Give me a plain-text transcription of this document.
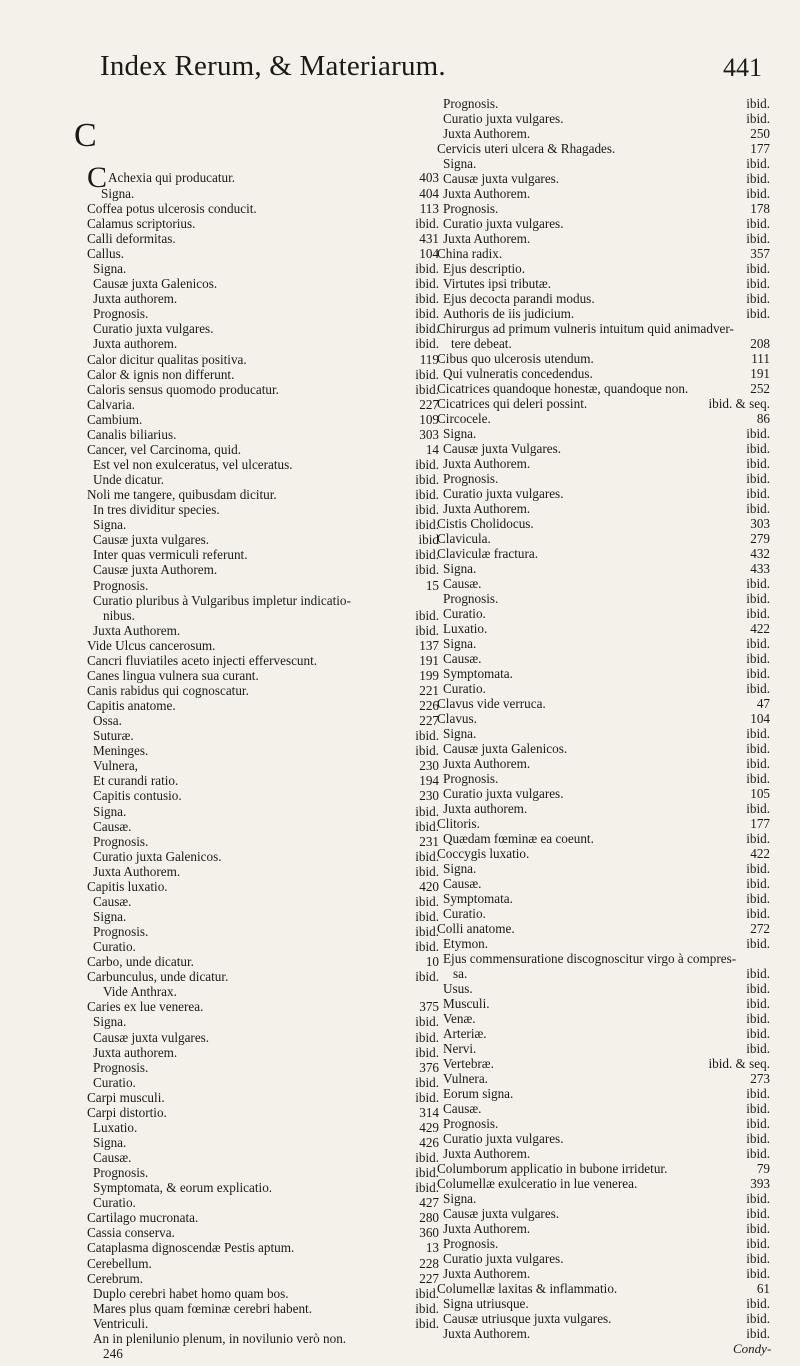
Index Rerum, & Materiarum.	441
C
CAchexia qui producatur.	403
Signa.	404
Coffea potus ulcerosis conducit.	113
Calamus scriptorius.	ibid.
Calli deformitas.	431
Callus.	104
Signa.	ibid.
Causæ juxta Galenicos.	ibid.
Juxta authorem.	ibid.
Prognosis.	ibid.
Curatio juxta vulgares.	ibid.
Juxta authorem.	ibid.
Calor dicitur qualitas positiva.	119
Calor & ignis non differunt.	ibid.
Caloris sensus quomodo producatur.	ibid.
Calvaria.	227
Cambium.	109
Canalis biliarius.	303
Cancer, vel Carcinoma, quid.	14
Est vel non exulceratus, vel ulceratus.	ibid.
Unde dicatur.	ibid.
Noli me tangere, quibusdam dicitur.	ibid.
In tres dividitur species.	ibid.
Signa.	ibid.
Causæ juxta vulgares.	ibid
Inter quas vermiculi referunt.	ibid.
Causæ juxta Authorem.	ibid.
Prognosis.	15
Curatio pluribus à Vulgaribus impletur indicatio-
nibus.	ibid.
Juxta Authorem.	ibid.
Vide Ulcus cancerosum.	137
Cancri fluviatiles aceto injecti effervescunt.	191
Canes lingua vulnera sua curant.	199
Canis rabidus qui cognoscatur.	221
Capitis anatome.	226
Ossa.	227
Suturæ.	ibid.
Meninges.	ibid.
Vulnera,	230
Et curandi ratio.	194
Capitis contusio.	230
Signa.	ibid.
Causæ.	ibid.
Prognosis.	231
Curatio juxta Galenicos.	ibid.
Juxta Authorem.	ibid.
Capitis luxatio.	420
Causæ.	ibid.
Signa.	ibid.
Prognosis.	ibid.
Curatio.	ibid.
Carbo, unde dicatur.	10
Carbunculus, unde dicatur.	ibid.
Vide Anthrax.
Caries ex lue venerea.	375
Signa.	ibid.
Causæ juxta vulgares.	ibid.
Juxta authorem.	ibid.
Prognosis.	376
Curatio.	ibid.
Carpi musculi.	ibid.
Carpi distortio.	314
Luxatio.	429
Signa.	426
Causæ.	ibid.
Prognosis.	ibid.
Symptomata, & eorum explicatio.	ibid.
Curatio.	427
Cartilago mucronata.	280
Cassia conserva.	360
Cataplasma dignoscendæ Pestis aptum.	13
Cerebellum.	228
Cerebrum.	227
Duplo cerebri habet homo quam bos.	ibid.
Mares plus quam fœminæ cerebri habent.	ibid.
Ventriculi.	ibid.
An in plenilunio plenum, in novilunio verò non.
246
Prognosis.	ibid.
Curatio juxta vulgares.	ibid.
Juxta Authorem.	250
Cervicis uteri ulcera & Rhagades.	177
Signa.	ibid.
Causæ juxta vulgares.	ibid.
Juxta Authorem.	ibid.
Prognosis.	178
Curatio juxta vulgares.	ibid.
Juxta Authorem.	ibid.
China radix.	357
Ejus descriptio.	ibid.
Virtutes ipsi tributæ.	ibid.
Ejus decocta parandi modus.	ibid.
Authoris de iis judicium.	ibid.
Chirurgus ad primum vulneris intuitum quid animadver-
tere debeat.	208
Cibus quo ulcerosis utendum.	111
Qui vulneratis concedendus.	191
Cicatrices quandoque honestæ, quandoque non.	252
Cicatrices qui deleri possint.	ibid. & seq.
Circocele.	86
Signa.	ibid.
Causæ juxta Vulgares.	ibid.
Juxta Authorem.	ibid.
Prognosis.	ibid.
Curatio juxta vulgares.	ibid.
Juxta Authorem.	ibid.
Cistis Cholidocus.	303
Clavicula.	279
Claviculæ fractura.	432
Signa.	433
Causæ.	ibid.
Prognosis.	ibid.
Curatio.	ibid.
Luxatio.	422
Signa.	ibid.
Causæ.	ibid.
Symptomata.	ibid.
Curatio.	ibid.
Clavus vide verruca.	47
Clavus.	104
Signa.	ibid.
Causæ juxta Galenicos.	ibid.
Juxta Authorem.	ibid.
Prognosis.	ibid.
Curatio juxta vulgares.	105
Juxta authorem.	ibid.
Clitoris.	177
Quædam fœminæ ea coeunt.	ibid.
Coccygis luxatio.	422
Signa.	ibid.
Causæ.	ibid.
Symptomata.	ibid.
Curatio.	ibid.
Colli anatome.	272
Etymon.	ibid.
Ejus commensuratione discognoscitur virgo à compres-
sa.	ibid.
Usus.	ibid.
Musculi.	ibid.
Venæ.	ibid.
Arteriæ.	ibid.
Nervi.	ibid.
Vertebræ.	ibid. & seq.
Vulnera.	273
Eorum signa.	ibid.
Causæ.	ibid.
Prognosis.	ibid.
Curatio juxta vulgares.	ibid.
Juxta Authorem.	ibid.
Columborum applicatio in bubone irridetur.	79
Columellæ exulceratio in lue venerea.	393
Signa.	ibid.
Causæ juxta vulgares.	ibid.
Juxta Authorem.	ibid.
Prognosis.	ibid.
Curatio juxta vulgares.	ibid.
Juxta Authorem.	ibid.
Columellæ laxitas & inflammatio.	61
Signa utriusque.	ibid.
Causæ utriusque juxta vulgares.	ibid.
Juxta Authorem.	ibid.
Condy-
